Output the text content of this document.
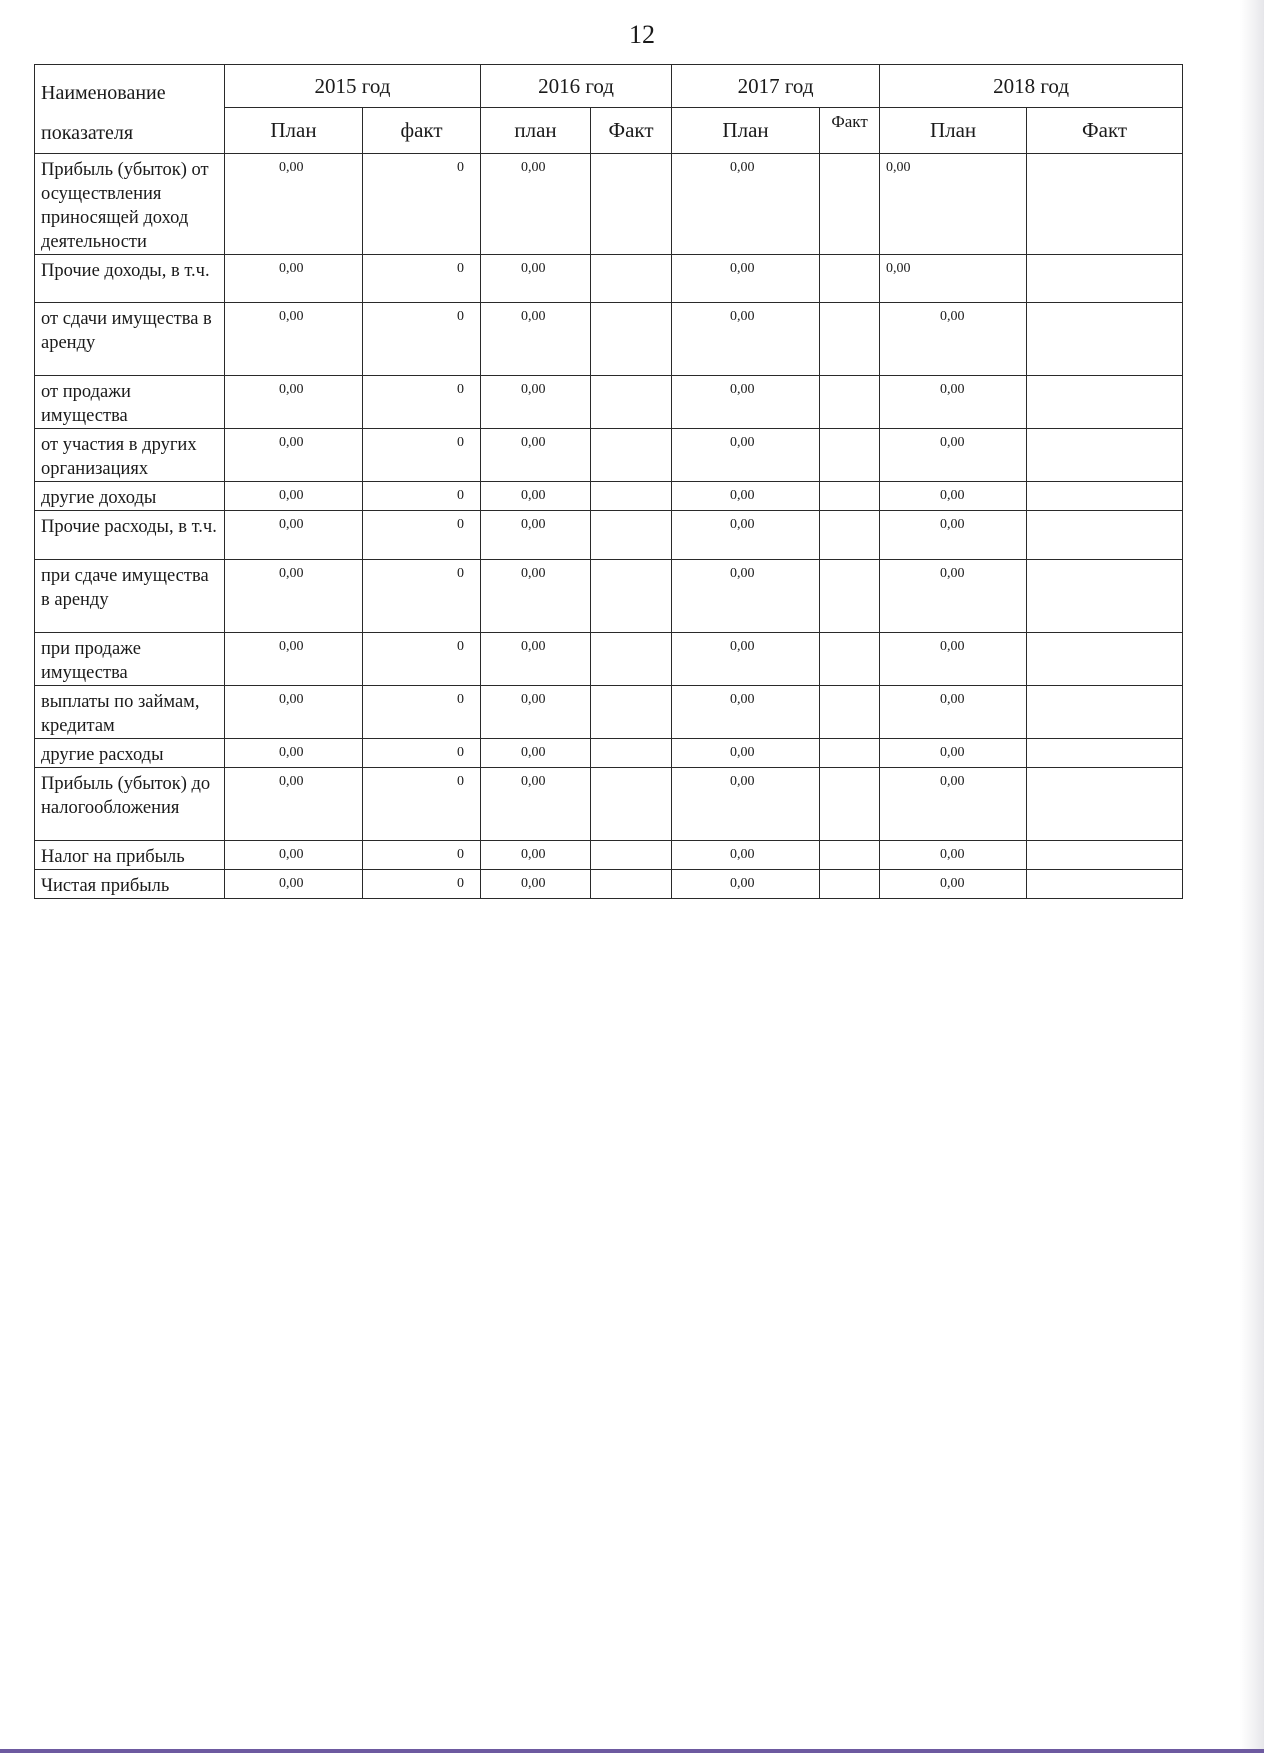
12
Наименование
показателя	2015 год		2016 год		2017 год		2018 год	
	План	факт	план	Факт	План	Факт	План	Факт
Прибыль (убыток) от осуществления приносящей доход деятельности	0,00	0	0,00		0,00		0,00	
Прочие доходы, в т.ч.	0,00	0	0,00		0,00		0,00	
от сдачи имущества в аренду	0,00	0	0,00		0,00		0,00	
от продажи имущества	0,00	0	0,00		0,00		0,00	
от участия в других организациях	0,00	0	0,00		0,00		0,00	
другие доходы	0,00	0	0,00		0,00		0,00	
Прочие расходы, в т.ч.	0,00	0	0,00		0,00		0,00	
при сдаче имущества в аренду	0,00	0	0,00		0,00		0,00	
при продаже имущества	0,00	0	0,00		0,00		0,00	
выплаты по займам, кредитам	0,00	0	0,00		0,00		0,00	
другие расходы	0,00	0	0,00		0,00		0,00	
Прибыль (убыток) до налогообложения	0,00	0	0,00		0,00		0,00	
Налог на прибыль	0,00	0	0,00		0,00		0,00	
Чистая прибыль	0,00	0	0,00		0,00		0,00	
